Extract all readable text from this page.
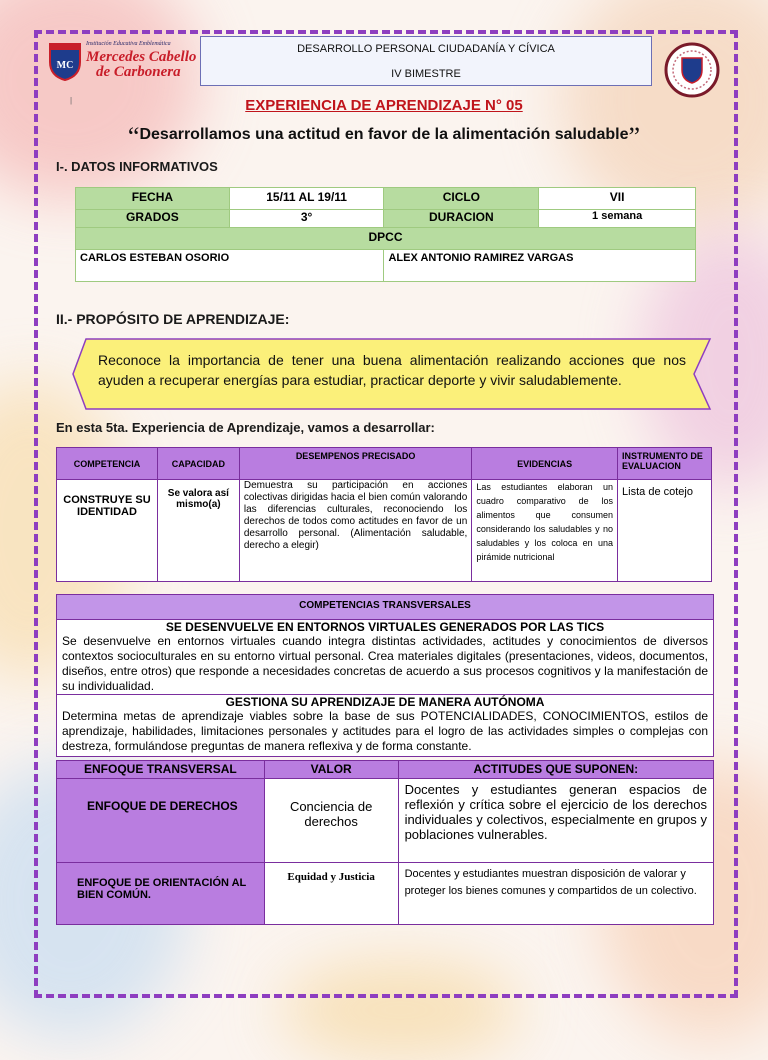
MC
Institución Educativa Emblemática
Mercedes Cabello
de Carbonera
DESARROLLO PERSONAL CIUDADANÍA Y CÍVICA
IV BIMESTRE
|	EXPERIENCIA DE APRENDIZAJE N° 05
“Desarrollamos una actitud en favor de la alimentación saludable”
I-. DATOS INFORMATIVOS
FECHA	15/11 AL 19/11	CICLO	VII
GRADOS	3°	DURACION	1 semana
DPCC			
CARLOS ESTEBAN OSORIO		ALEX ANTONIO RAMIREZ VARGAS	
II.- PROPÓSITO DE APRENDIZAJE:
Reconoce la importancia de tener una buena alimentación realizando acciones que nos ayuden a recuperar energías para estudiar, practicar deporte y vivir saludablemente.
En esta 5ta. Experiencia de Aprendizaje, vamos a desarrollar:
COMPETENCIA	CAPACIDAD	DESEMPENOS PRECISADO	EVIDENCIAS	INSTRUMENTO DE EVALUACION
CONSTRUYE SU IDENTIDAD	Se valora así mismo(a)	Demuestra su participación en acciones colectivas dirigidas hacia el bien común valorando las diferencias culturales, reconociendo los derechos de todos como actitudes en favor de un desarrollo personal. (Alimentación saludable, derecho a elegir)	Las estudiantes elaboran un cuadro comparativo de los alimentos que consumen considerando los saludables y no saludables y los coloca en una pirámide nutricional	Lista de cotejo
COMPETENCIAS TRANSVERSALES
SE DESENVUELVE EN ENTORNOS VIRTUALES GENERADOS POR LAS TICS
Se desenvuelve en entornos virtuales cuando integra distintas actividades, actitudes y conocimientos de diversos contextos socioculturales en su entorno virtual personal. Crea materiales digitales (presentaciones, videos, documentos, diseños, entre otros) que responde a necesidades concretas de acuerdo a sus procesos cognitivos y la manifestación de su individualidad.
GESTIONA SU APRENDIZAJE DE MANERA AUTÓNOMA
Determina metas de aprendizaje viables sobre la base de sus POTENCIALIDADES, CONOCIMIENTOS, estilos de aprendizaje, habilidades, limitaciones personales y actitudes para el logro de las actividades simples o complejas con destreza, formulándose preguntas de manera reflexiva y de forma constante.
ENFOQUE TRANSVERSAL	VALOR	ACTITUDES QUE SUPONEN:
ENFOQUE DE DERECHOS	Conciencia de derechos	Docentes y estudiantes generan espacios de reflexión y crítica sobre el ejercicio de los derechos individuales y colectivos, especialmente en grupos y poblaciones vulnerables.
ENFOQUE DE ORIENTACIÓN AL BIEN COMÚN.	Equidad y Justicia	Docentes y estudiantes muestran disposición de valorar y proteger los bienes comunes y compartidos de un colectivo.
